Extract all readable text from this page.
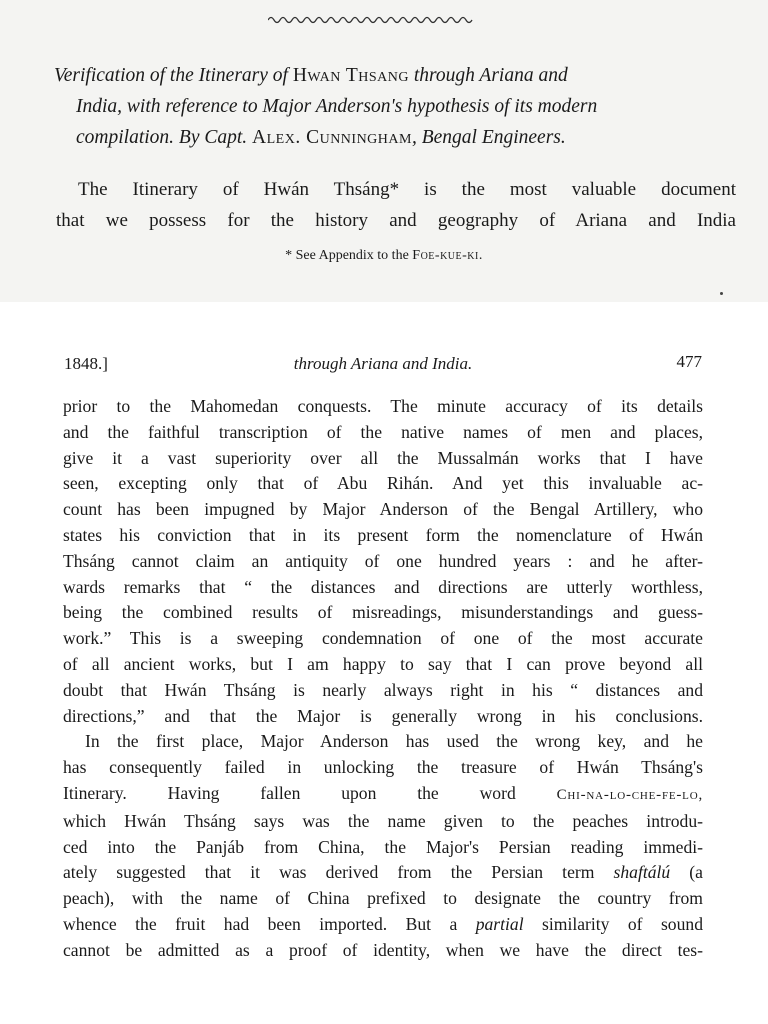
Verification of the Itinerary of Hwan Thsang through Ariana and
India, with reference to Major Anderson's hypothesis of its modern
compilation. By Capt. Alex. Cunningham, Bengal Engineers.
The Itinerary of Hwán Thsáng* is the most valuable document
that we possess for the history and geography of Ariana and India
* See Appendix to the Foe-kue-ki.
1848.]	through Ariana and India.	477
prior to the Mahomedan conquests. The minute accuracy of its details
and the faithful transcription of the native names of men and places,
give it a vast superiority over all the Mussalmán works that I have
seen, excepting only that of Abu Rihán. And yet this invaluable ac-
count has been impugned by Major Anderson of the Bengal Artillery, who
states his conviction that in its present form the nomenclature of Hwán
Thsáng cannot claim an antiquity of one hundred years : and he after-
wards remarks that “ the distances and directions are utterly worthless,
being the combined results of misreadings, misunderstandings and guess-
work.” This is a sweeping condemnation of one of the most accurate
of all ancient works, but I am happy to say that I can prove beyond all
doubt that Hwán Thsáng is nearly always right in his “ distances and
directions,” and that the Major is generally wrong in his conclusions.
In the first place, Major Anderson has used the wrong key, and he
has consequently failed in unlocking the treasure of Hwán Thsáng's
Itinerary. Having fallen upon the word Chi-na-lo-che-fe-lo,
which Hwán Thsáng says was the name given to the peaches introdu-
ced into the Panjáb from China, the Major's Persian reading immedi-
ately suggested that it was derived from the Persian term shaftálú (a
peach), with the name of China prefixed to designate the country from
whence the fruit had been imported. But a partial similarity of sound
cannot be admitted as a proof of identity, when we have the direct tes-
